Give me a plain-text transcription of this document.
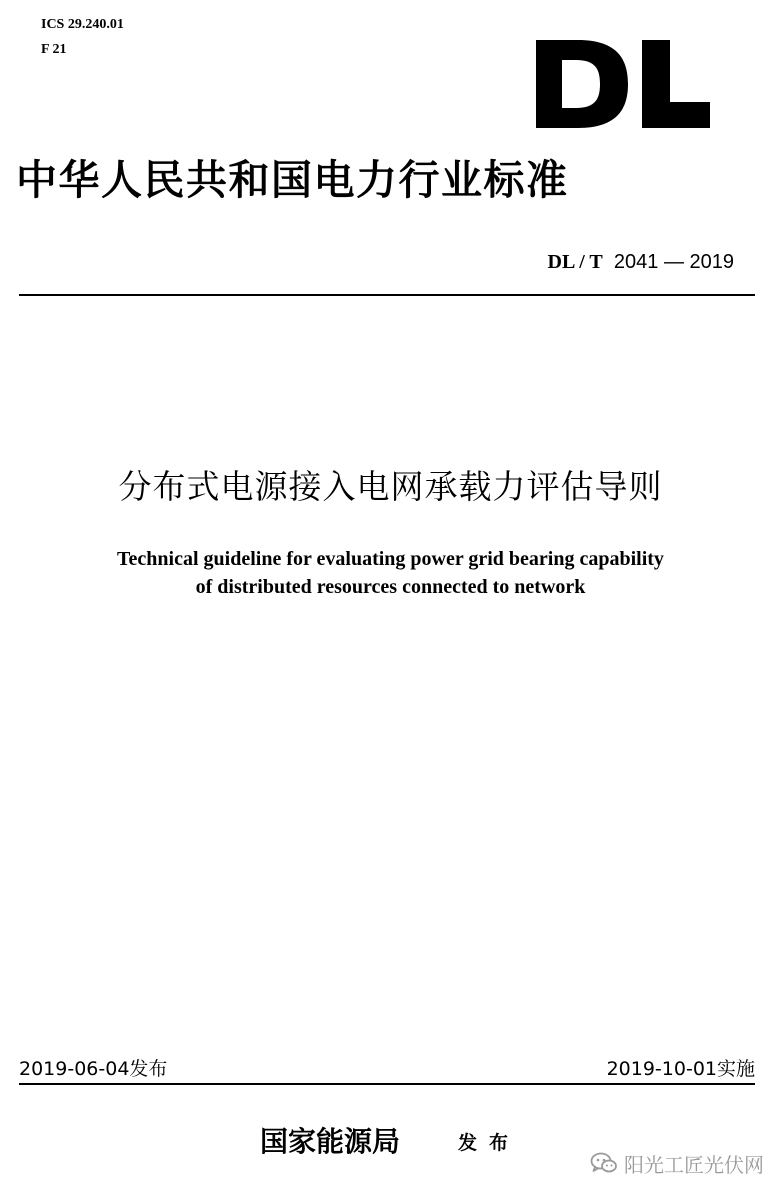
ICS 29.240.01
F 21
中华人民共和国电力行业标准
DL / T 2041 — 2019
分布式电源接入电网承载力评估导则
Technical guideline for evaluating power grid bearing capability
of distributed resources connected to network
2019-06-04发布	2019-10-01实施
国家能源局	发布
阳光工匠光伏网
